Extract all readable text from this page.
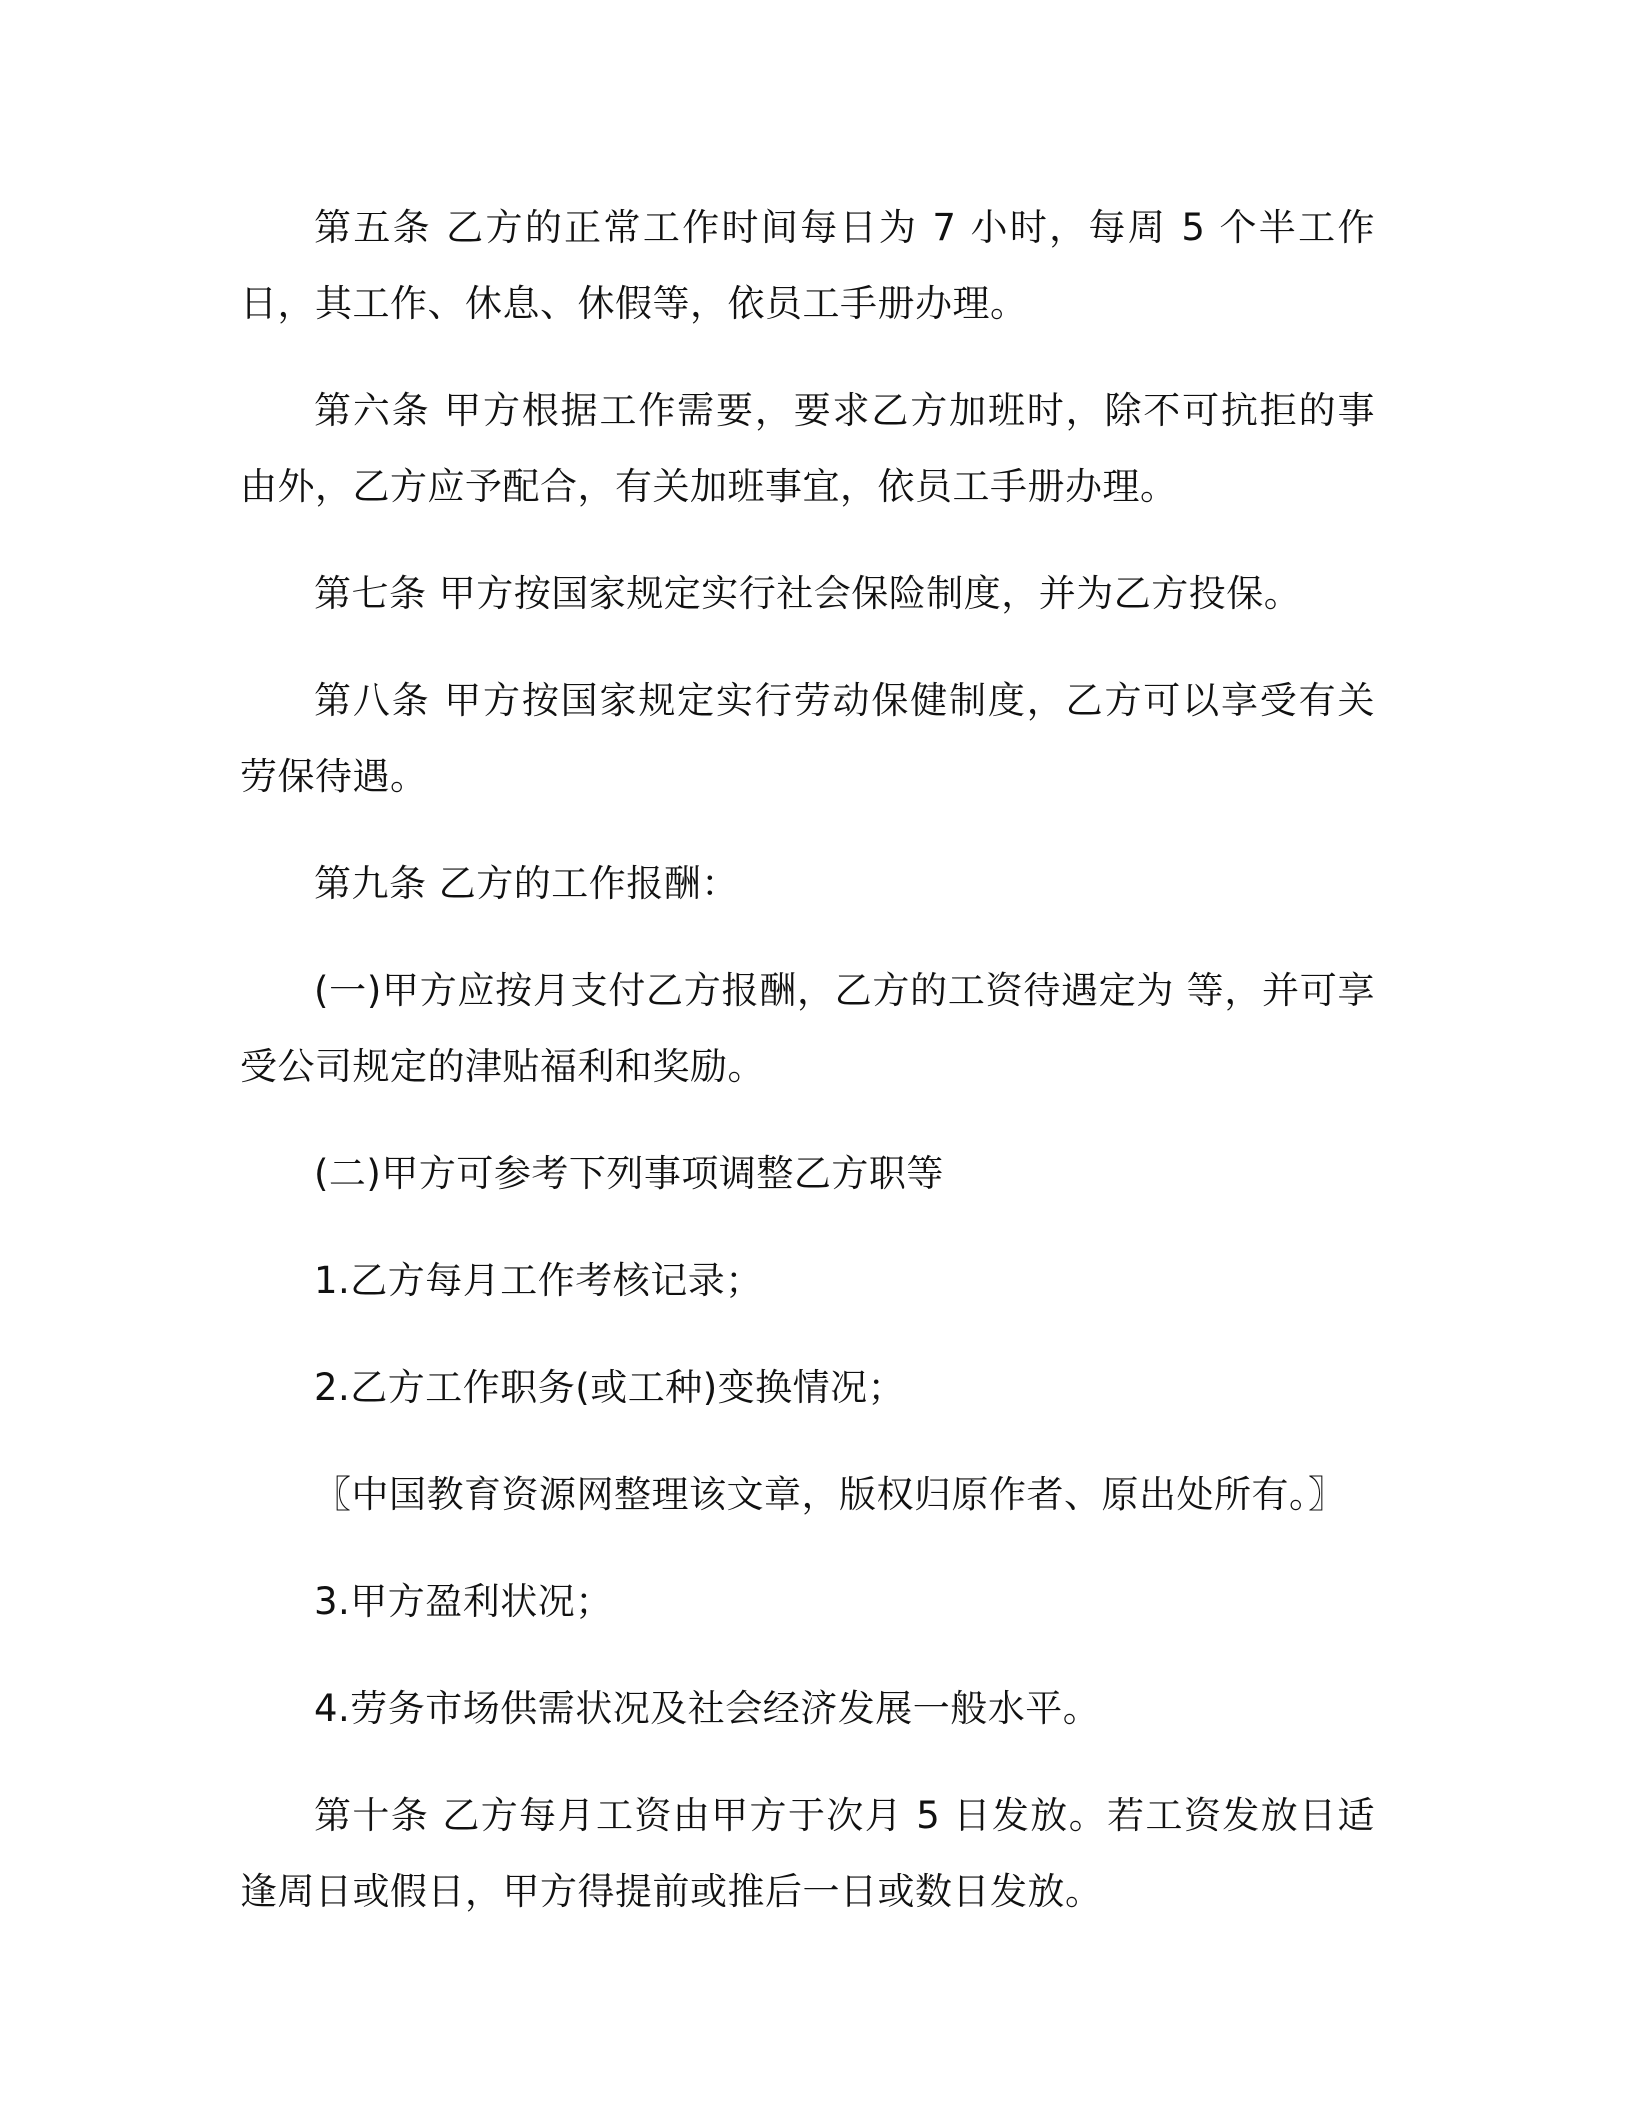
第五条 乙方的正常工作时间每日为 7 小时，每周 5 个半工作日，其工作、休息、休假等，依员工手册办理。

第六条 甲方根据工作需要，要求乙方加班时，除不可抗拒的事由外，乙方应予配合，有关加班事宜，依员工手册办理。

第七条 甲方按国家规定实行社会保险制度，并为乙方投保。

第八条 甲方按国家规定实行劳动保健制度，乙方可以享受有关劳保待遇。

第九条 乙方的工作报酬：

(一)甲方应按月支付乙方报酬，乙方的工资待遇定为 等，并可享受公司规定的津贴福利和奖励。

(二)甲方可参考下列事项调整乙方职等

1.乙方每月工作考核记录；

2.乙方工作职务(或工种)变换情况；

〖中国教育资源网整理该文章，版权归原作者、原出处所有。〗

3.甲方盈利状况；

4.劳务市场供需状况及社会经济发展一般水平。

第十条 乙方每月工资由甲方于次月 5 日发放。若工资发放日适逢周日或假日，甲方得提前或推后一日或数日发放。
